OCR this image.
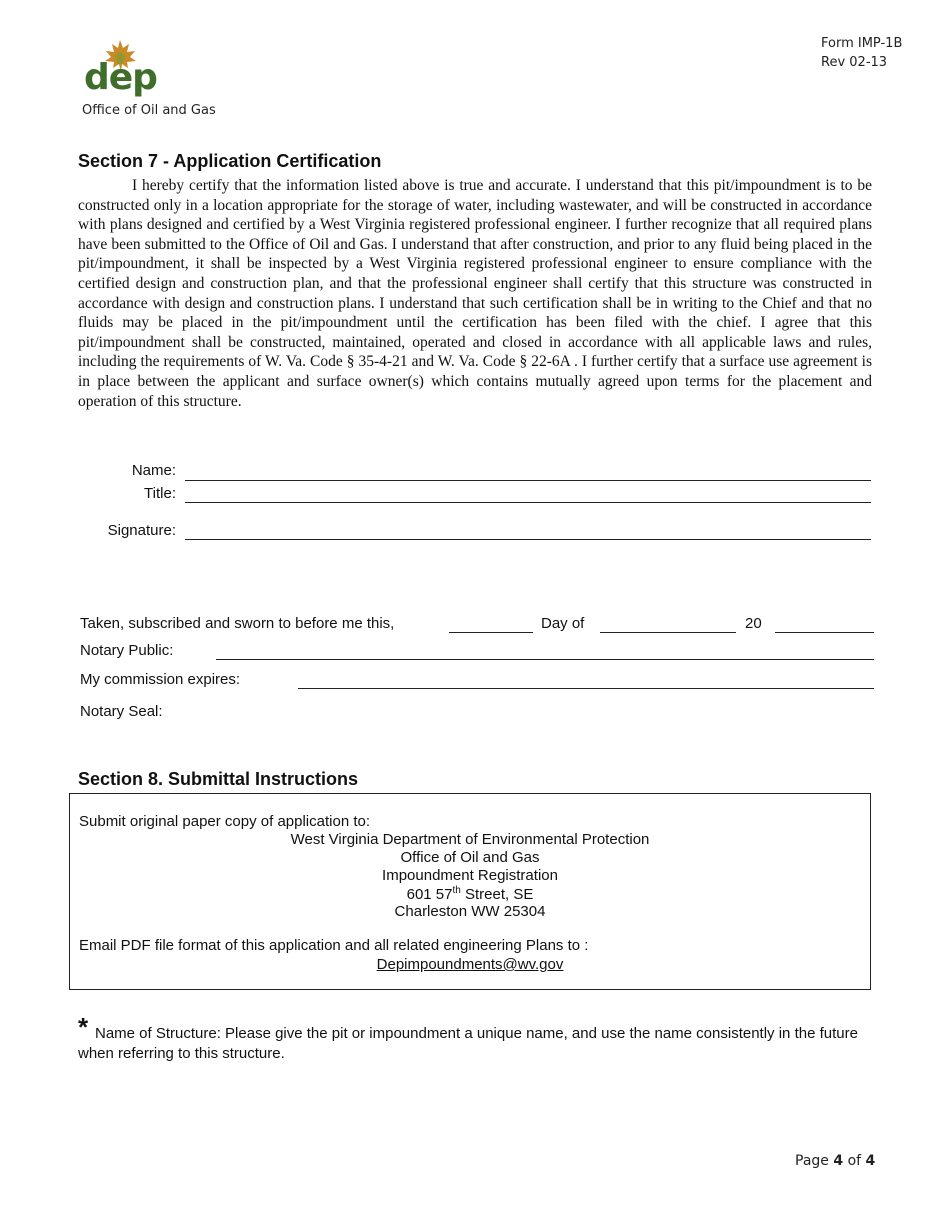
dep
Office of Oil and Gas
Form IMP-1B
Rev 02-13
Section 7 - Application Certification
I hereby certify that the information listed above is true and accurate. I understand that this pit/impoundment is to be constructed only in a location appropriate for the storage of water, including wastewater, and will be constructed in accordance with plans designed and certified by a West Virginia registered professional engineer. I further recognize that all required plans have been submitted to the Office of Oil and Gas. I understand that after construction, and prior to any fluid being placed in the pit/impoundment, it shall be inspected by a West Virginia registered professional engineer to ensure compliance with the certified design and construction plan, and that the professional engineer shall certify that this structure was constructed in accordance with design and construction plans. I understand that such certification shall be in writing to the Chief and that no fluids may be placed in the pit/impoundment until the certification has been filed with the chief. I agree that this pit/impoundment shall be constructed, maintained, operated and closed in accordance with all applicable laws and rules, including the requirements of W. Va. Code § 35-4-21 and W. Va. Code § 22-6A . I further certify that a surface use agreement is in place between the applicant and surface owner(s) which contains mutually agreed upon terms for the placement and operation of this structure.
Name:
Title:
Signature:
Taken, subscribed and sworn to before me this,	Day of	20
Notary Public:
My commission expires:
Notary Seal:
Section 8. Submittal Instructions
Submit original paper copy of application to:
West Virginia Department of Environmental Protection
Office of Oil and Gas
Impoundment Registration
601 57th Street, SE
Charleston WW 25304
Email PDF file format of this application and all related engineering Plans to :
Depimpoundments@wv.gov
* Name of Structure: Please give the pit or impoundment a unique name, and use the name consistently in the future when referring to this structure.
Page 4 of 4
